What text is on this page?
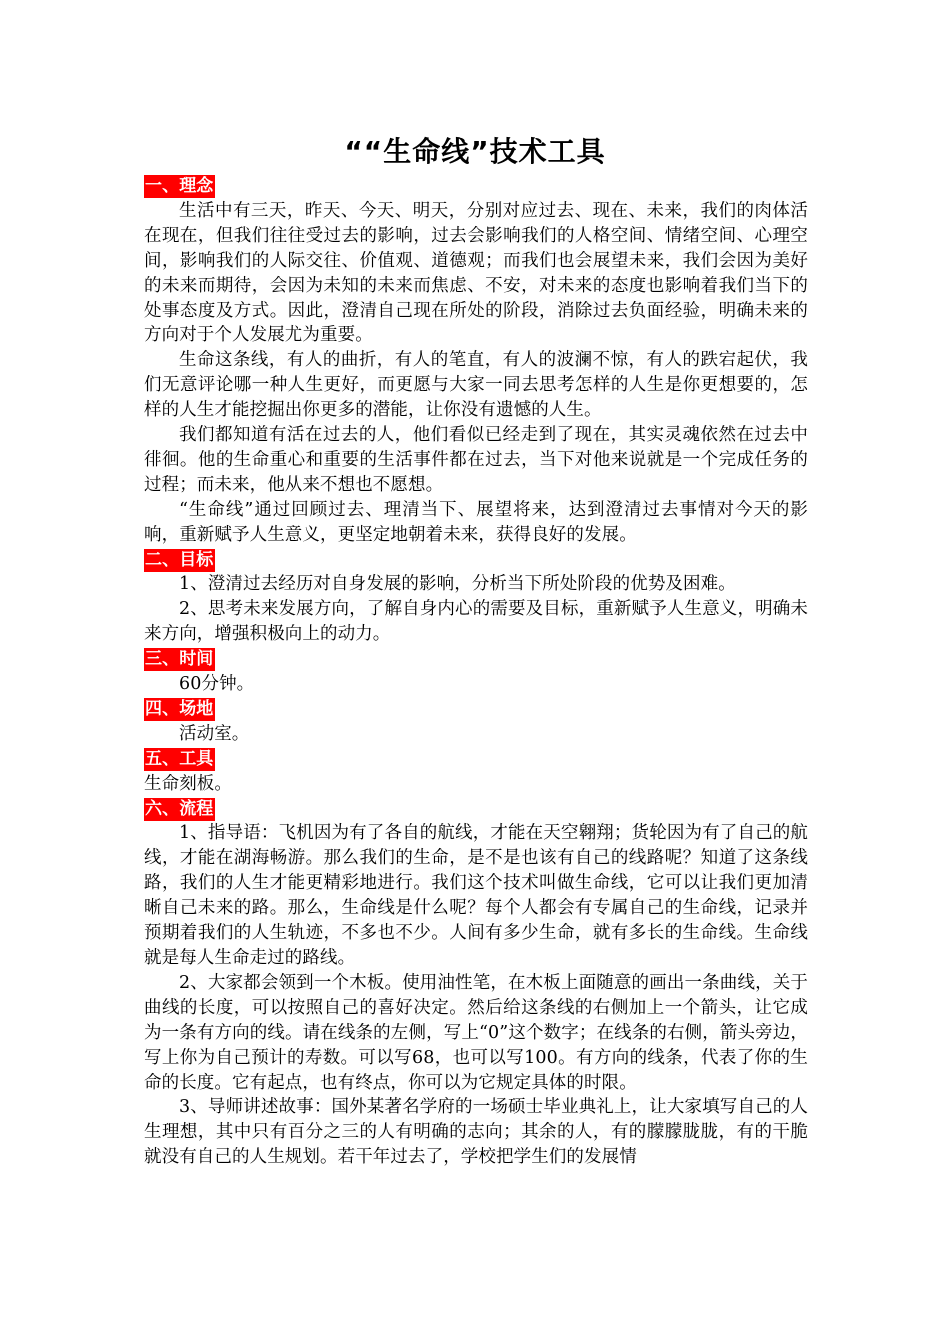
““生命线”技术工具
一、理念

生活中有三天，昨天、今天、明天，分别对应过去、现在、未来，我们的肉体活在现在，但我们往往受过去的影响，过去会影响我们的人格空间、情绪空间、心理空间，影响我们的人际交往、价值观、道德观；而我们也会展望未来，我们会因为美好的未来而期待，会因为未知的未来而焦虑、不安，对未来的态度也影响着我们当下的处事态度及方式。因此，澄清自己现在所处的阶段，消除过去负面经验，明确未来的方向对于个人发展尤为重要。

生命这条线，有人的曲折，有人的笔直，有人的波澜不惊，有人的跌宕起伏，我们无意评论哪一种人生更好，而更愿与大家一同去思考怎样的人生是你更想要的，怎样的人生才能挖掘出你更多的潜能，让你没有遗憾的人生。

我们都知道有活在过去的人，他们看似已经走到了现在，其实灵魂依然在过去中徘徊。他的生命重心和重要的生活事件都在过去，当下对他来说就是一个完成任务的过程；而未来，他从来不想也不愿想。

“生命线”通过回顾过去、理清当下、展望将来，达到澄清过去事情对今天的影响，重新赋予人生意义，更坚定地朝着未来，获得良好的发展。

二、目标

1、澄清过去经历对自身发展的影响，分析当下所处阶段的优势及困难。

2、思考未来发展方向，了解自身内心的需要及目标，重新赋予人生意义，明确未来方向，增强积极向上的动力。

三、时间

60分钟。

四、场地

活动室。

五、工具

生命刻板。

六、流程

1、指导语：飞机因为有了各自的航线，才能在天空翱翔；货轮因为有了自己的航线，才能在湖海畅游。那么我们的生命，是不是也该有自己的线路呢？知道了这条线路，我们的人生才能更精彩地进行。我们这个技术叫做生命线，它可以让我们更加清晰自己未来的路。那么，生命线是什么呢？每个人都会有专属自己的生命线，记录并预期着我们的人生轨迹，不多也不少。人间有多少生命，就有多长的生命线。生命线就是每人生命走过的路线。

2、大家都会领到一个木板。使用油性笔，在木板上面随意的画出一条曲线，关于曲线的长度，可以按照自己的喜好决定。然后给这条线的右侧加上一个箭头，让它成为一条有方向的线。请在线条的左侧，写上“0”这个数字；在线条的右侧，箭头旁边，写上你为自己预计的寿数。可以写68，也可以写100。有方向的线条，代表了你的生命的长度。它有起点，也有终点，你可以为它规定具体的时限。

3、导师讲述故事：国外某著名学府的一场硕士毕业典礼上，让大家填写自己的人生理想，其中只有百分之三的人有明确的志向；其余的人，有的朦朦胧胧，有的干脆就没有自己的人生规划。若干年过去了，学校把学生们的发展情
